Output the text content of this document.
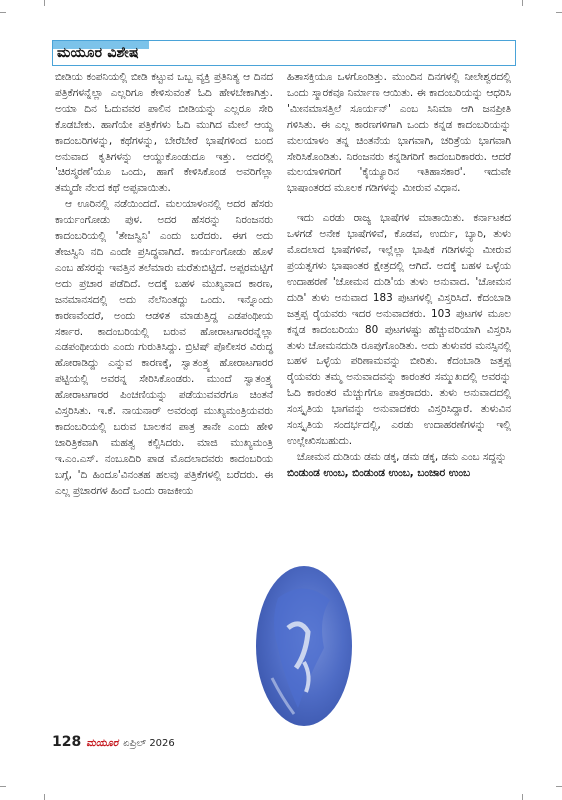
ಮಯೂರ ವಿಶೇಷ

ಬೀಡಿಯ ಕಂಪನಿಯಲ್ಲಿ ಬೀಡಿ ಕಟ್ಟುವ ಒಬ್ಬ ವ್ಯಕ್ತಿ ಪ್ರತಿನಿತ್ಯ ಆ ದಿನದ ಪತ್ರಿಕೆಗಳನ್ನೆಲ್ಲಾ ಎಲ್ಲರಿಗೂ ಕೇಳಿಸುವಂತೆ ಓದಿ ಹೇಳಬೇಕಾಗಿತ್ತು. ಅಯಾ ದಿನ ಓದುವವರ ಪಾಲಿನ ಬೀಡಿಯನ್ನು ಎಲ್ಲರೂ ಸೇರಿ ಕೊಡಬೇಕು. ಹಾಗೆಯೇ ಪತ್ರಿಕೆಗಳು ಓದಿ ಮುಗಿದ ಮೇಲೆ ಆಯ್ದ ಕಾದಂಬರಿಗಳನ್ನು, ಕಥೆಗಳನ್ನು, ಬೇರೆಬೇರೆ ಭಾಷೆಗಳಿಂದ ಬಂದ ಅನುವಾದ ಕೃತಿಗಳನ್ನು ಆಯ್ದುಕೊಂಡುದೂ ಇತ್ತು. ಅದರಲ್ಲಿ 'ಚಿರಸ್ಮರಣೆ'ಯೂ ಒಂದು, ಹಾಗೆ ಕೇಳಿಸಿಕೊಂಡ ಅವರಿಗೆಲ್ಲಾ ತಮ್ಮದೇ ನೆಲದ ಕಥೆ ಅಪ್ಪವಾಯಿತು.

ಆ ಊರಿನಲ್ಲಿ ನಡೆಯಿಂದದೆ. ಮಲಯಾಳಂನಲ್ಲಿ ಅದರ ಹೆಸರು ಕಾರ್ಯಂಗೋಡು ಪುಳ. ಅದರ ಹೆಸರನ್ನು ನಿರಂಜನರು ಕಾದಂಬರಿಯಲ್ಲಿ 'ತೇಜಸ್ವಿನಿ' ಎಂದು ಬರೆದರು. ಈಗ ಅದು ತೇಜಸ್ವಿನಿ ನದಿ ಎಂದೇ ಪ್ರಸಿದ್ಧವಾಗಿದೆ. ಕಾರ್ಯಂಗೋಡು ಹೊಳೆ ಎಂಬ ಹೆಸರನ್ನು ಇವತ್ತಿನ ತಲೆಮಾರು ಮರೆತುಬಿಟ್ಟಿದೆ. ಅಪ್ಪರಮಟ್ಟಿಗೆ ಅದು ಪ್ರಚಾರ ಪಡೆದಿದೆ. ಅದಕ್ಕೆ ಬಹಳ ಮುಖ್ಯವಾದ ಕಾರಣ, ಜನಮಾನಸದಲ್ಲಿ ಅದು ನೆಲೆನಿಂತದ್ದು ಒಂದು. ಇನ್ನೊಂದು ಕಾರಣವೆಂದರೆ, ಅಂದು ಆಡಳಿತ ಮಾಡುತ್ತಿದ್ದ ಎಡಪಂಥೀಯ ಸರ್ಕಾರ. ಕಾದಂಬರಿಯಲ್ಲಿ ಬರುವ ಹೋರಾಟಗಾರರನ್ನೆಲ್ಲಾ ಎಡಪಂಥೀಯರು ಎಂದು ಗುರುತಿಸಿದ್ದು. ಬ್ರಿಟಿಷ್ ಪೊಲೀಸರ ವಿರುದ್ಧ ಹೋರಾಡಿದ್ದು ಎನ್ನುವ ಕಾರಣಕ್ಕೆ, ಸ್ವಾತಂತ್ರ್ಯ ಹೋರಾಟಗಾರರ ಪಟ್ಟಿಯಲ್ಲಿ ಅವರನ್ನ ಸೇರಿಸಿಕೊಂಡರು. ಮುಂದೆ ಸ್ವಾತಂತ್ರ್ಯ ಹೋರಾಟಗಾರರ ಪಿಂಚಣಿಯನ್ನು ಪಡೆಯುವವರೆಗೂ ಚಿಂತನೆ ವಿಸ್ತರಿಸಿತು. ಇ.ಕೆ. ನಾಯನಾರ್ ಅವರಂಥ ಮುಖ್ಯಮಂತ್ರಿಯವರು ಕಾದಂಬರಿಯಲ್ಲಿ ಬರುವ ಬಾಲಕನ ಪಾತ್ರ ತಾನೇ ಎಂದು ಹೇಳಿ ಚಾರಿತ್ರಿಕವಾಗಿ ಮಹತ್ವ ಕಲ್ಪಿಸಿದರು. ಮಾಜಿ ಮುಖ್ಯಮಂತ್ರಿ ಇ.ಎಂ.ಎಸ್. ನಂಬೂದಿರಿ ಪಾಡ ಮೊದಲಾದವರು ಕಾದಂಬರಿಯ ಬಗ್ಗೆ, 'ದಿ ಹಿಂದೂ'ವಿನಂತಹ ಹಲವು ಪತ್ರಿಕೆಗಳಲ್ಲಿ ಬರೆದರು. ಈ ಎಲ್ಲ ಪ್ರಚಾರಗಳ ಹಿಂದೆ ಒಂದು ರಾಜಕೀಯ

ಹಿತಾಸಕ್ತಿಯೂ ಒಳಗೊಂಡಿತ್ತು. ಮುಂದಿನ ದಿನಗಳಲ್ಲಿ ನೀಲೇಶ್ವರದಲ್ಲಿ ಒಂದು ಸ್ಮಾರಕವೂ ನಿರ್ಮಾಣ ಆಯಿತು. ಈ ಕಾದಂಬರಿಯನ್ನು ಆಧರಿಸಿ 'ಮೀನಮಾಸತ್ತಿಲೆ ಸೂರ್ಯನ್' ಎಂಬ ಸಿನಿಮಾ ಆಗಿ ಜನಪ್ರೀತಿ ಗಳಿಸಿತು. ಈ ಎಲ್ಲ ಕಾರಣಗಳಿಗಾಗಿ ಒಂದು ಕನ್ನಡ ಕಾದಂಬರಿಯನ್ನು ಮಲಯಾಳಂ ತನ್ನ ಚಿಂತನೆಯ ಭಾಗವಾಗಿ, ಚರಿತ್ರೆಯ ಭಾಗವಾಗಿ ಸೇರಿಸಿಕೊಂಡಿತು. ನಿರಂಜನರು ಕನ್ನಡಿಗರಿಗೆ ಕಾದಂಬರಿಕಾರರು. ಆದರೆ ಮಲಯಾಳಿಗರಿಗೆ 'ಕೈಯ್ಯೂರಿನ ಇತಿಹಾಸಕಾರ'. ಇದುವೇ ಭಾಷಾಂತರದ ಮೂಲಕ ಗಡಿಗಳನ್ನು ಮೀರುವ ವಿಧಾನ.

ಇದು ಎರಡು ರಾಜ್ಯ ಭಾಷೆಗಳ ಮಾತಾಯಿತು. ಕರ್ನಾಟಕದ ಒಳಗಡೆ ಅನೇಕ ಭಾಷೆಗಳಿವೆ, ಕೊಡವ, ಉರ್ದು, ಬ್ಯಾರಿ, ತುಳು ಮೊದಲಾದ ಭಾಷೆಗಳಿವೆ, ಇಲ್ಲೆಲ್ಲಾ ಭಾಷಿಕ ಗಡಿಗಳನ್ನು ಮೀರುವ ಪ್ರಯತ್ನಗಳು ಭಾಷಾಂತರ ಕ್ಷೇತ್ರದಲ್ಲಿ ಆಗಿದೆ. ಅದಕ್ಕೆ ಬಹಳ ಒಳ್ಳೆಯ ಉದಾಹರಣೆ 'ಚೋಮನ ದುಡಿ'ಯ ತುಳು ಅನುವಾದ. 'ಚೋಮನ ದುಡಿ' ತುಳು ಅನುವಾದ 183 ಪುಟಗಳಲ್ಲಿ ವಿಸ್ತರಿಸಿದೆ. ಕೆದಂಬಾಡಿ ಜತ್ತಪ್ಪ ರೈಯವರು ಇದರ ಅನುವಾದಕರು. 103 ಪುಟಗಳ ಮೂಲ ಕನ್ನಡ ಕಾದಂಬರಿಯು 80 ಪುಟಗಳಷ್ಟು ಹೆಚ್ಚುವರಿಯಾಗಿ ವಿಸ್ತರಿಸಿ ತುಳು ಚೋಮನದುಡಿ ರೂಪುಗೊಂಡಿತು. ಅದು ತುಳುವರ ಮನಸ್ಸಿನಲ್ಲಿ ಬಹಳ ಒಳ್ಳೆಯ ಪರಿಣಾಮವನ್ನು ಬೀರಿತು. ಕೆದಂಬಾಡಿ ಜತ್ತಪ್ಪ ರೈಯವರು ತಮ್ಮ ಅನುವಾದವನ್ನು ಕಾರಂತರ ಸಮ್ಮುಖದಲ್ಲಿ ಅವರನ್ನು ಓದಿ ಕಾರಂತರ ಮೆಚ್ಚುಗೆಗೂ ಪಾತ್ರರಾದರು. ತುಳು ಅನುವಾದದಲ್ಲಿ ಸಂಸ್ಕೃತಿಯ ಭಾಗವನ್ನು ಅನುವಾದಕರು ವಿಸ್ತರಿಸಿದ್ದಾರೆ. ತುಳುವಿನ ಸಂಸ್ಕೃತಿಯ ಸಂದರ್ಭದಲ್ಲಿ, ಎರಡು ಉದಾಹರಣೆಗಳನ್ನು ಇಲ್ಲಿ ಉಲ್ಲೇಖಿಸಬಹುದು.

ಚೋಮನ ದುಡಿಯ ಡಮ ಡಕ್ಕ, ಡಮ ಡಕ್ಕ, ಡಮ ಎಂಬ ಸದ್ದನ್ನು

ಬಿಂಡುಂಡ ಉಂಬ, ಬಿಂಡುಂಡ ಉಂಬ, ಬಂಜಾರ ಉಂಬ

128 ಮಯೂರ ಏಪ್ರಿಲ್ 2026
